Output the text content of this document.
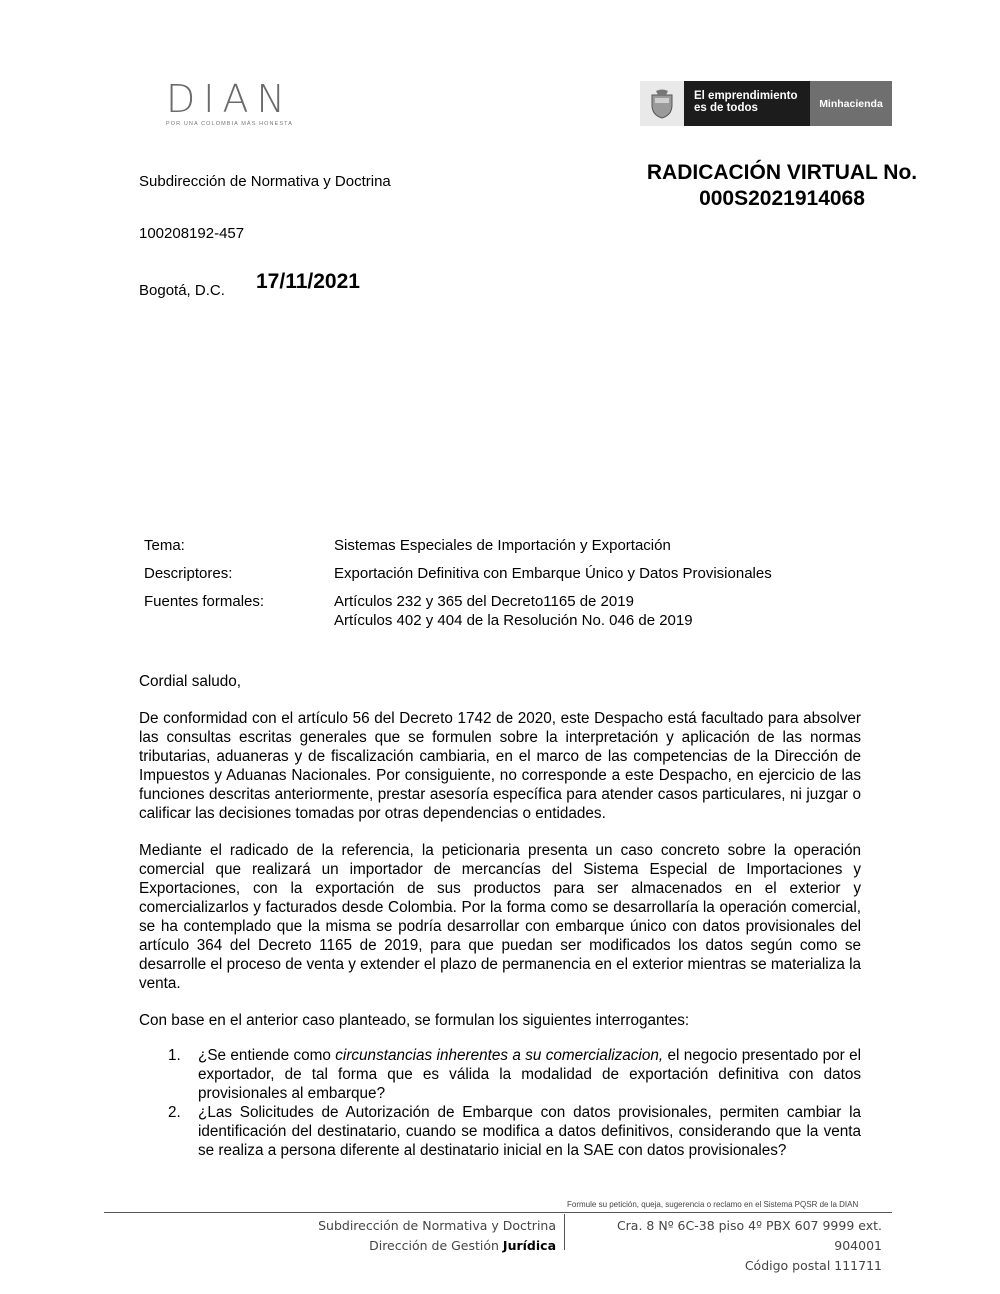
DIAN
POR UNA COLOMBIA MÁS HONESTA
El emprendimiento es de todos	Minhacienda
Subdirección de Normativa y Doctrina	RADICACIÓN VIRTUAL No.
000S2021914068
100208192-457
Bogotá, D.C. 17/11/2021
Tema:	Sistemas Especiales de Importación y Exportación
Descriptores:	Exportación Definitiva con Embarque Único y Datos Provisionales
Fuentes formales:	Artículos 232 y 365 del Decreto1165 de 2019
Artículos 402 y 404 de la Resolución No. 046 de 2019

Cordial saludo,

De conformidad con el artículo 56 del Decreto 1742 de 2020, este Despacho está facultado para absolver las consultas escritas generales que se formulen sobre la interpretación y aplicación de las normas tributarias, aduaneras y de fiscalización cambiaria, en el marco de las competencias de la Dirección de Impuestos y Aduanas Nacionales. Por consiguiente, no corresponde a este Despacho, en ejercicio de las funciones descritas anteriormente, prestar asesoría específica para atender casos particulares, ni juzgar o calificar las decisiones tomadas por otras dependencias o entidades.

Mediante el radicado de la referencia, la peticionaria presenta un caso concreto sobre la operación comercial que realizará un importador de mercancías del Sistema Especial de Importaciones y Exportaciones, con la exportación de sus productos para ser almacenados en el exterior y comercializarlos y facturados desde Colombia. Por la forma como se desarrollaría la operación comercial, se ha contemplado que la misma se podría desarrollar con embarque único con datos provisionales del artículo 364 del Decreto 1165 de 2019, para que puedan ser modificados los datos según como se desarrolle el proceso de venta y extender el plazo de permanencia en el exterior mientras se materializa la venta.

Con base en el anterior caso planteado, se formulan los siguientes interrogantes:

1.	¿Se entiende como circunstancias inherentes a su comercializacion, el negocio presentado por el exportador, de tal forma que es válida la modalidad de exportación definitiva con datos provisionales al embarque?
2.	¿Las Solicitudes de Autorización de Embarque con datos provisionales, permiten cambiar la identificación del destinatario, cuando se modifica a datos definitivos, considerando que la venta se realiza a persona diferente al destinatario inicial en la SAE con datos provisionales?
Formule su petición, queja, sugerencia o reclamo en el Sistema PQSR de la DIAN
Subdirección de Normativa y Doctrina
Dirección de Gestión Jurídica
Cra. 8 Nº 6C-38 piso 4º PBX 607 9999 ext. 904001
Código postal 111711
